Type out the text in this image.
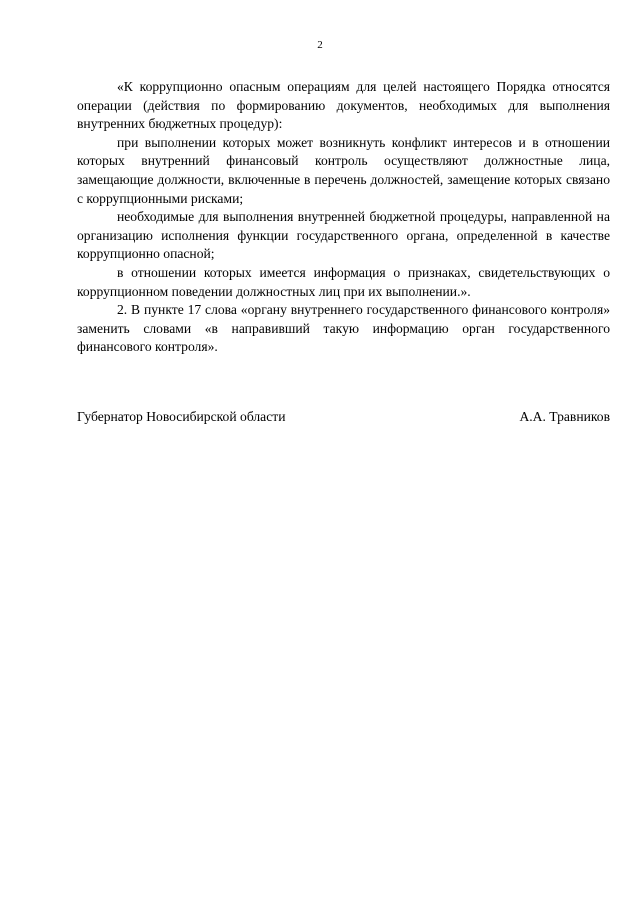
2

«К коррупционно опасным операциям для целей настоящего Порядка относятся операции (действия по формированию документов, необходимых для выполнения внутренних бюджетных процедур):

при выполнении которых может возникнуть конфликт интересов и в отношении которых внутренний финансовый контроль осуществляют должностные лица, замещающие должности, включенные в перечень должностей, замещение которых связано с коррупционными рисками;

необходимые для выполнения внутренней бюджетной процедуры, направленной на организацию исполнения функции государственного органа, определенной в качестве коррупционно опасной;

в отношении которых имеется информация о признаках, свидетельствующих о коррупционном поведении должностных лиц при их выполнении.».

2. В пункте 17 слова «органу внутреннего государственного финансового контроля» заменить словами «в направивший такую информацию орган государственного финансового контроля».

Губернатор Новосибирской области	А.А. Травников
